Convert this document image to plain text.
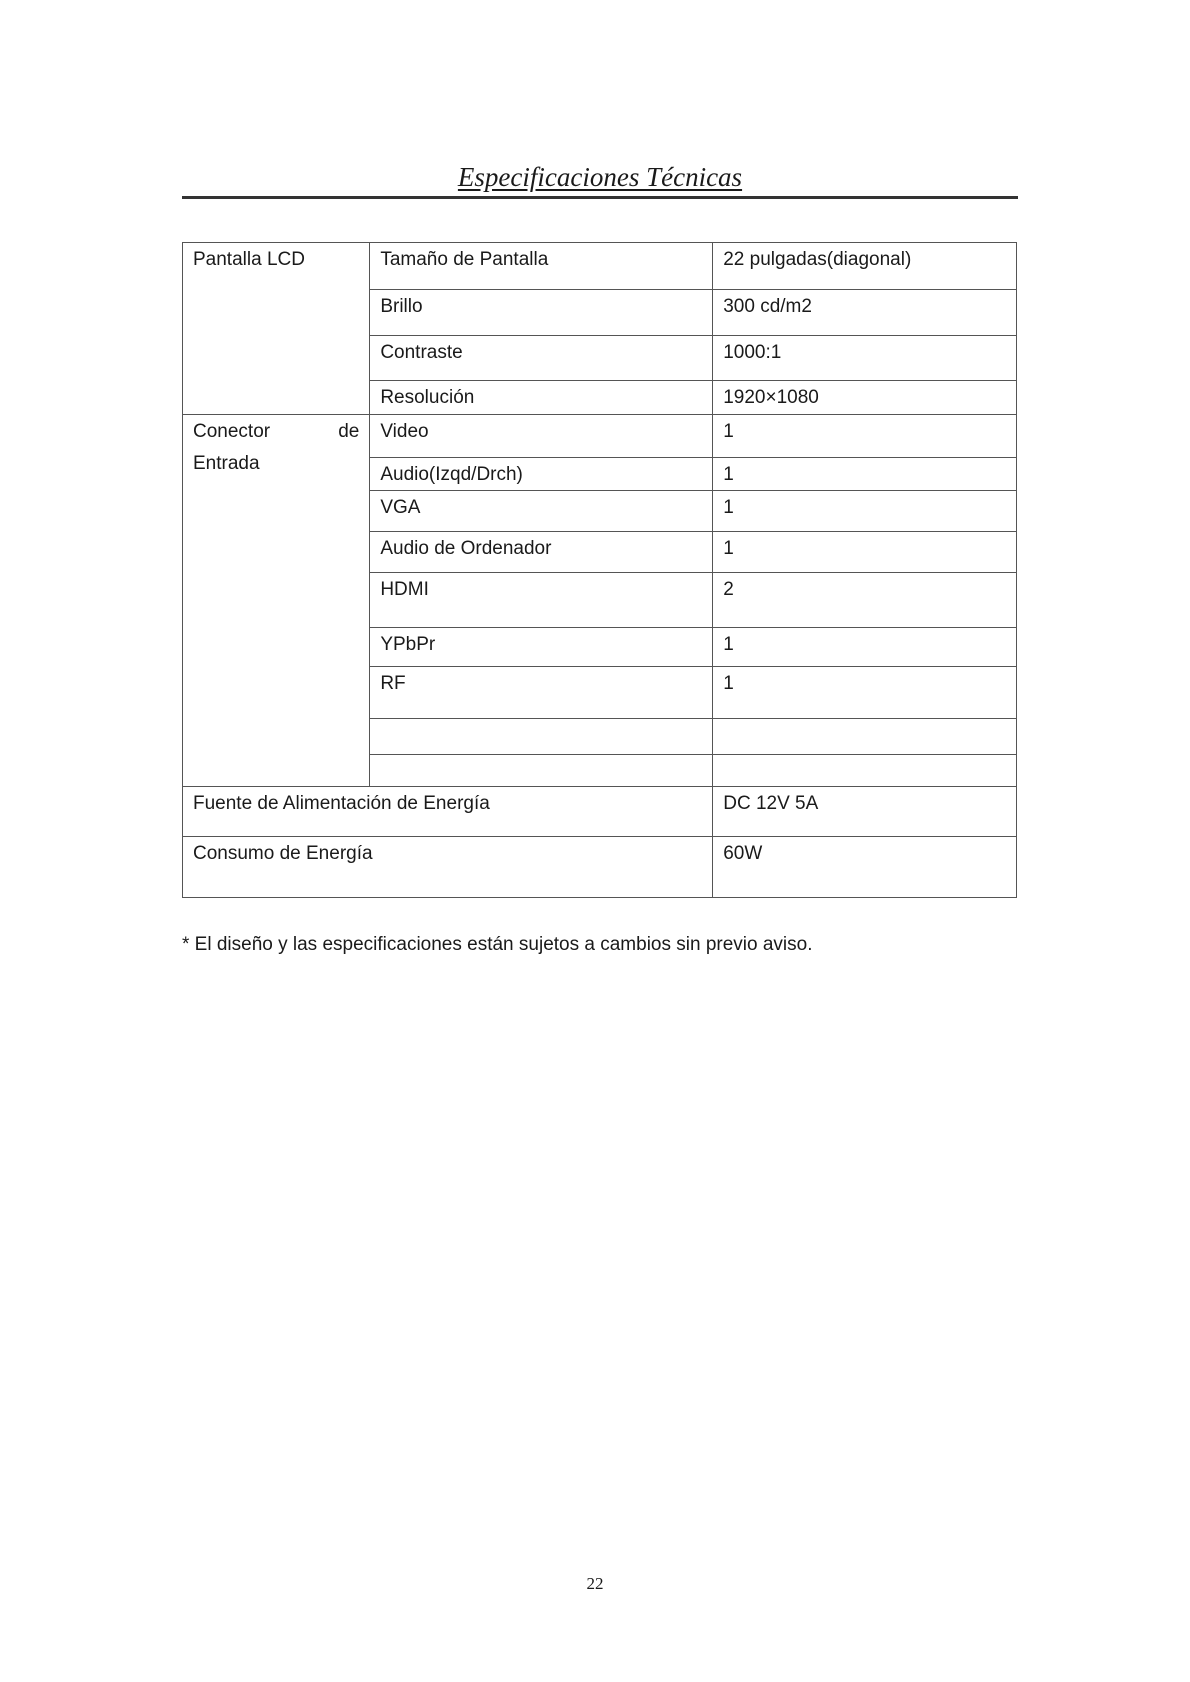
Especificaciones Técnicas
Pantalla LCD	Tamaño de Pantalla	22 pulgadas(diagonal)
	Brillo	300 cd/m2
	Contraste	1000:1
	Resolución	1920×1080

Conector de
Entrada	Video	1
	Audio(Izqd/Drch)	1
	VGA	1
	Audio de Ordenador	1
	HDMI	2
	YPbPr	1
	RF	1

Fuente de Alimentación de Energía		DC 12V 5A
Consumo de Energía		60W
* El diseño y las especificaciones están sujetos a cambios sin previo aviso.
22
